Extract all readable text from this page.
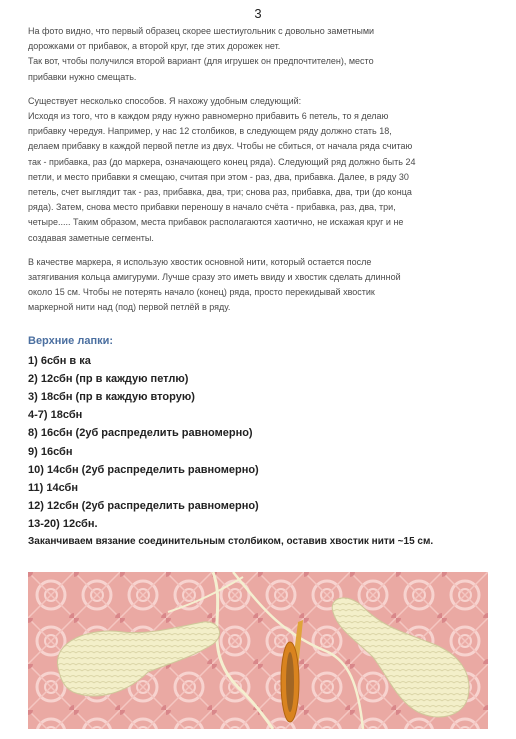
3
На фото видно, что первый образец скорее шестиугольник с довольно заметными
дорожками от прибавок, а второй круг, где этих дорожек нет.
Так вот, чтобы получился второй вариант (для игрушек он предпочтителен), место
прибавки нужно смещать.
Существует несколько способов. Я нахожу удобным следующий:
Исходя из того, что в каждом ряду нужно равномерно прибавить 6 петель, то я делаю
прибавку чередуя. Например, у нас 12 столбиков, в следующем ряду должно стать 18,
делаем прибавку в каждой первой петле из двух. Чтобы не сбиться, от начала ряда считаю
так - прибавка, раз (до маркера, означающего конец ряда). Следующий ряд должно быть 24
петли, и место прибавки я смещаю, считая при этом - раз, два, прибавка. Далее, в ряду 30
петель, счет выглядит так - раз, прибавка, два, три; снова раз, прибавка, два, три (до конца
ряда). Затем, снова место прибавки переношу в начало счёта - прибавка, раз, два, три,
четыре..... Таким образом, места прибавок располагаются хаотично, не искажая круг и не
создавая заметные сегменты.
В качестве маркера, я использую хвостик основной нити, который остается после
затягивания кольца амигуруми. Лучше сразу это иметь ввиду и хвостик сделать длинной
около 15 см. Чтобы не потерять начало (конец) ряда, просто перекидывай хвостик
маркерной нити над (под) первой петлёй в ряду.
Верхние лапки:
1) 6сбн в ка
2) 12сбн (пр в каждую петлю)
3) 18сбн (пр в каждую вторую)
4-7) 18сбн
8) 16сбн (2уб распределить равномерно)
9) 16сбн
10) 14сбн (2уб распределить равномерно)
11) 14сбн
12) 12сбн (2уб распределить равномерно)
13-20) 12сбн.
Заканчиваем вязание соединительным столбиком, оставив хвостик нити ~15 см.
